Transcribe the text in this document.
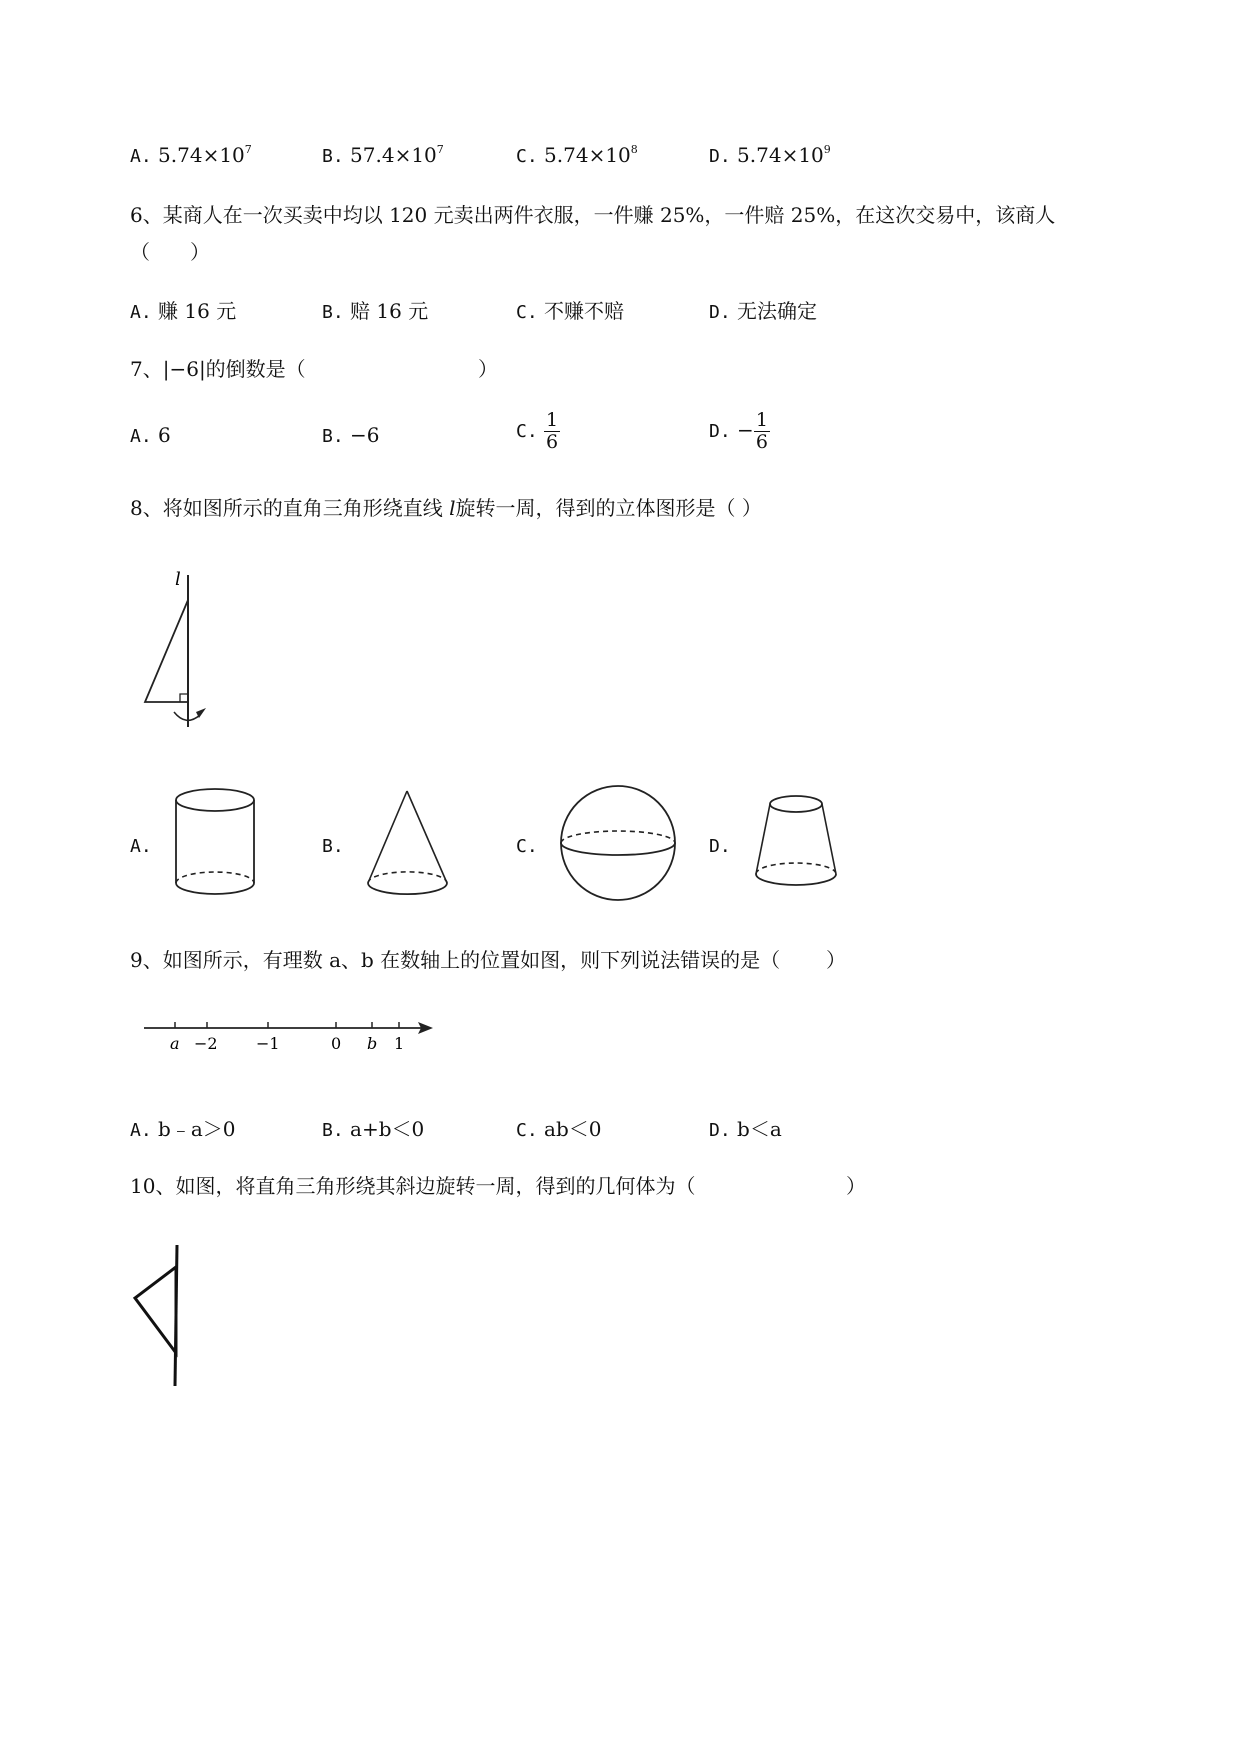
A. $5.74\times 10^7$	B. $57.4\times 10^7$	C. $5.74\times 10^8$	D. $5.74\times 10^9$
6、某商人在一次买卖中均以 120 元卖出两件衣服，一件赚 25%，一件赔 25%，在这次交易中，该商人
（　　）
A. 赚 16 元	B. 赔 16 元	C. 不赚不赔	D. 无法确定
7、|−6|的倒数是（	）
A. 6	B. −6	C. $\frac{1}{6}$	D. − $\frac{1}{6}$
8、将如图所示的直角三角形绕直线 l旋转一周，得到的立体图形是（ ）
l
A.	B.	C.	D.
9、如图所示，有理数 a、b 在数轴上的位置如图，则下列说法错误的是（ ）
a −2 −1	0 b 1
A. b﹣a＞0	B. a+b＜0	C. ab＜0	D. b＜a
10、如图，将直角三角形绕其斜边旋转一周，得到的几何体为（	）
